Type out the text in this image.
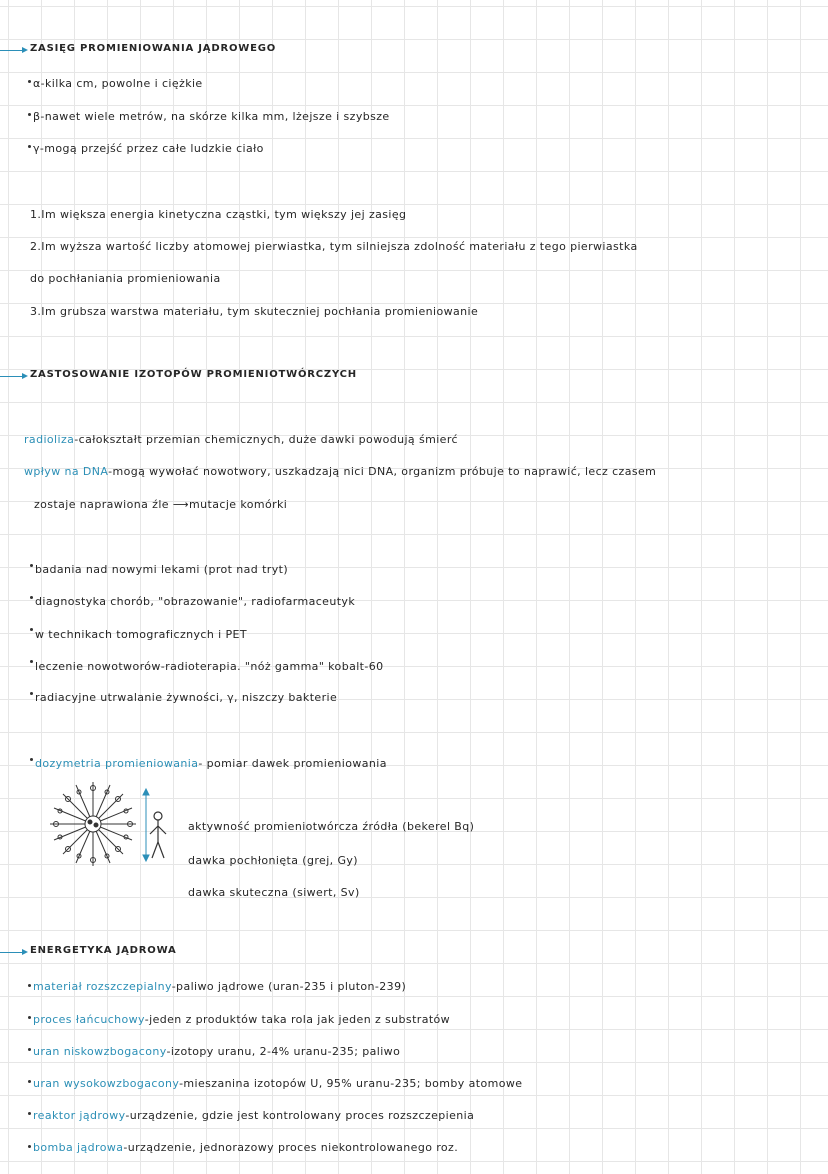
ZASIĘG PROMIENIOWANIA JĄDROWEGO
α-kilka cm, powolne i ciężkie
β-nawet wiele metrów, na skórze kilka mm, lżejsze i szybsze
γ-mogą przejść przez całe ludzkie ciało
1.Im większa energia kinetyczna cząstki, tym większy jej zasięg
2.Im wyższa wartość liczby atomowej pierwiastka, tym silniejsza zdolność materiału z tego pierwiastka
do pochłaniania promieniowania
3.Im grubsza warstwa materiału, tym skuteczniej pochłania promieniowanie
ZASTOSOWANIE IZOTOPÓW PROMIENIOTWÓRCZYCH
radioliza-całokształt przemian chemicznych, duże dawki powodują śmierć
wpływ na DNA-mogą wywołać nowotwory, uszkadzają nici DNA, organizm próbuje to naprawić, lecz czasem
zostaje naprawiona źle ⟶mutacje komórki
badania nad nowymi lekami (prot nad tryt)
diagnostyka chorób, "obrazowanie", radiofarmaceutyk
w technikach tomograficznych i PET
leczenie nowotworów-radioterapia. "nóż gamma" kobalt-60
radiacyjne utrwalanie żywności, γ, niszczy bakterie
dozymetria promieniowania- pomiar dawek promieniowania
aktywność promieniotwórcza źródła (bekerel Bq)
dawka pochłonięta (grej, Gy)
dawka skuteczna (siwert, Sv)
ENERGETYKA JĄDROWA
materiał rozszczepialny-paliwo jądrowe (uran-235 i pluton-239)
proces łańcuchowy-jeden z produktów taka rola jak jeden z substratów
uran niskowzbogacony-izotopy uranu, 2-4% uranu-235; paliwo
uran wysokowzbogacony-mieszanina izotopów U, 95% uranu-235; bomby atomowe
reaktor jądrowy-urządzenie, gdzie jest kontrolowany proces rozszczepienia
bomba jądrowa-urządzenie, jednorazowy proces niekontrolowanego roz.
